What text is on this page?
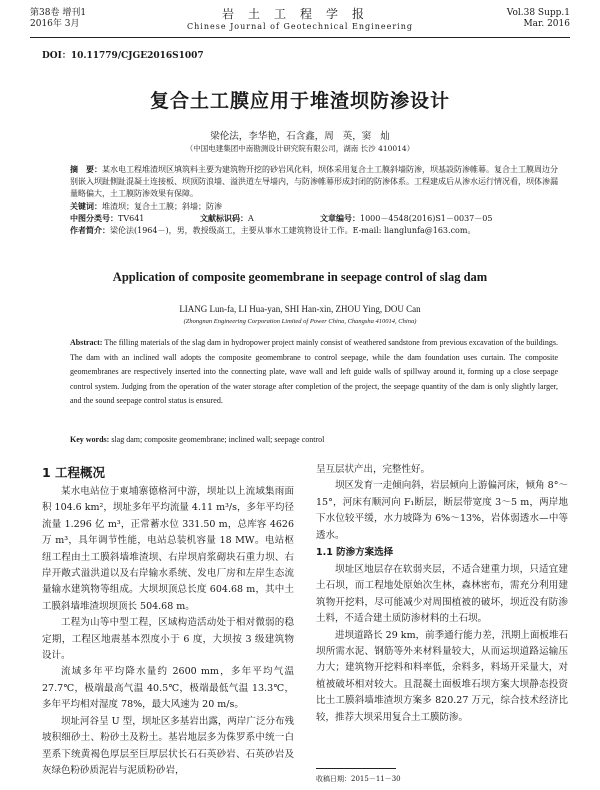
第38卷 增刊1
2016年 3月
岩土工程学报
Chinese Journal of Geotechnical Engineering
Vol.38 Supp.1
Mar. 2016
DOI：10.11779/CJGE2016S1007
复合土工膜应用于堆渣坝防渗设计
梁伦法，李华艳，石含鑫，周 英，窦 灿
（中国电建集团中南勘测设计研究院有限公司，湖南 长沙 410014）

摘　要：某水电工程堆渣坝区填筑料主要为建筑物开挖的砂岩风化料，坝体采用复合土工膜斜墙防渗，坝基設防渗帷幕。复合土工膜周边分别嵌入坝趾側趾混凝土连接板、坝顶防浪墙、溢洪道左导墙内，与防渗帷幕形成封闭的防渗体系。工程建成后从渗水运行情况看，坝体渗漏量略偏大，土工膜防渗效果有保障。

关键词：堆渣坝；复合土工膜；斜墙；防渗

中图分类号：TV641	文献标识码：A	文章编号：1000－4548(2016)S1－0037－05

作者简介：梁伦法(1964－)，男，教授级高工，主要从事水工建筑物设计工作。E-mail: lianglunfa@163.com。

Application of composite geomembrane in seepage control of slag dam
LIANG Lun-fa, LI Hua-yan, SHI Han-xin, ZHOU Ying, DOU Can
(Zhongnan Engineering Corporation Limited of Power China, Changsha 410014, China)
Abstract: The filling materials of the slag dam in hydropower project mainly consist of weathered sandstone from previous excavation of the buildings. The dam with an inclined wall adopts the composite geomembrane to control seepage, while the dam foundation uses curtain. The composite geomembranes are respectively inserted into the connecting plate, wave wall and left guide walls of spillway around it, forming up a close seepage control system. Judging from the operation of the water storage after completion of the project, the seepage quantity of the dam is only slightly larger, and the sound seepage control status is ensured.
Key words: slag dam; composite geomembrane; inclined wall; seepage control
1 工程概况

某水电站位于東埔寨德格河中游，坝址以上流域集雨面积 104.6 km²，坝址多年平均流量 4.11 m³/s，多年平均径流量 1.296 亿 m³，正常蓄水位 331.50 m，总库容 4626 万 m³，具年调节性能，电站总装机容量 18 MW。电站枢纽工程由土工膜斜墙堆渣坝、右岸坝肩浆砌块石重力坝、右岸开敞式溢洪道以及右岸输水系统、发电厂房和左岸生态流量输水建筑物等组成。大坝坝顶总长度 604.68 m，其中土工膜斜墙堆渣坝坝顶长 504.68 m。

工程为山等中型工程，区域构造活动处于相对微弱的稳定期，工程区地震基本烈度小于 6 度，大坝按 3 级建筑物设计。

流域多年平均降水量约 2600 mm，多年平均气温 27.7℃，极端最高气温 40.5℃，极端最低气温 13.3℃，多年平均相对湿度 78%，最大风速为 20 m/s。

坝址河谷呈 U 型，坝址区多基岩出露，两岸广泛分布残坡积细砂土、粉砂土及粉土。基岩地层多为侏罗系中统一白垩系下统黄褐色厚层至巨厚层状长石石英砂岩、石英砂岩及灰绿色粉砂质泥岩与泥质粉砂岩，

呈互层状产出，完整性好。

坝区发育一走倾向斜，岩层倾向上游偏河床，倾角 8°～15°，河床有顺河向 F₁断层，断层带宽度 3～5 m，两岸地下水位较平缓，水力坡降为 6%～13%，岩体弱透水—中等透水。

1.1 防渗方案选择

坝址区地层存在软弱夹层，不适合建重力坝，只适宜建土石坝，而工程地处原始次生林，森林密布，需充分利用建筑物开挖料，尽可能减少对周围植被的破坏，坝近没有防渗土料，不适合建土质防渗材料的土石坝。

进坝道路长 29 km，前季通行能力差，汛期上面板堆石坝所需水泥、钢筋等外来材料量较大，从而运坝道路运输压力大；建筑物开挖料和料率低，余料多，料场开采量大，对植被破坏相对较大。且混凝土面板堆石坝方案大坝静态投资比土工膜斜墙堆渣坝方案多 820.27 万元，综合技术经济比较，推荐大坝采用复合土工膜防渗。

收稿日期：2015－11－30
